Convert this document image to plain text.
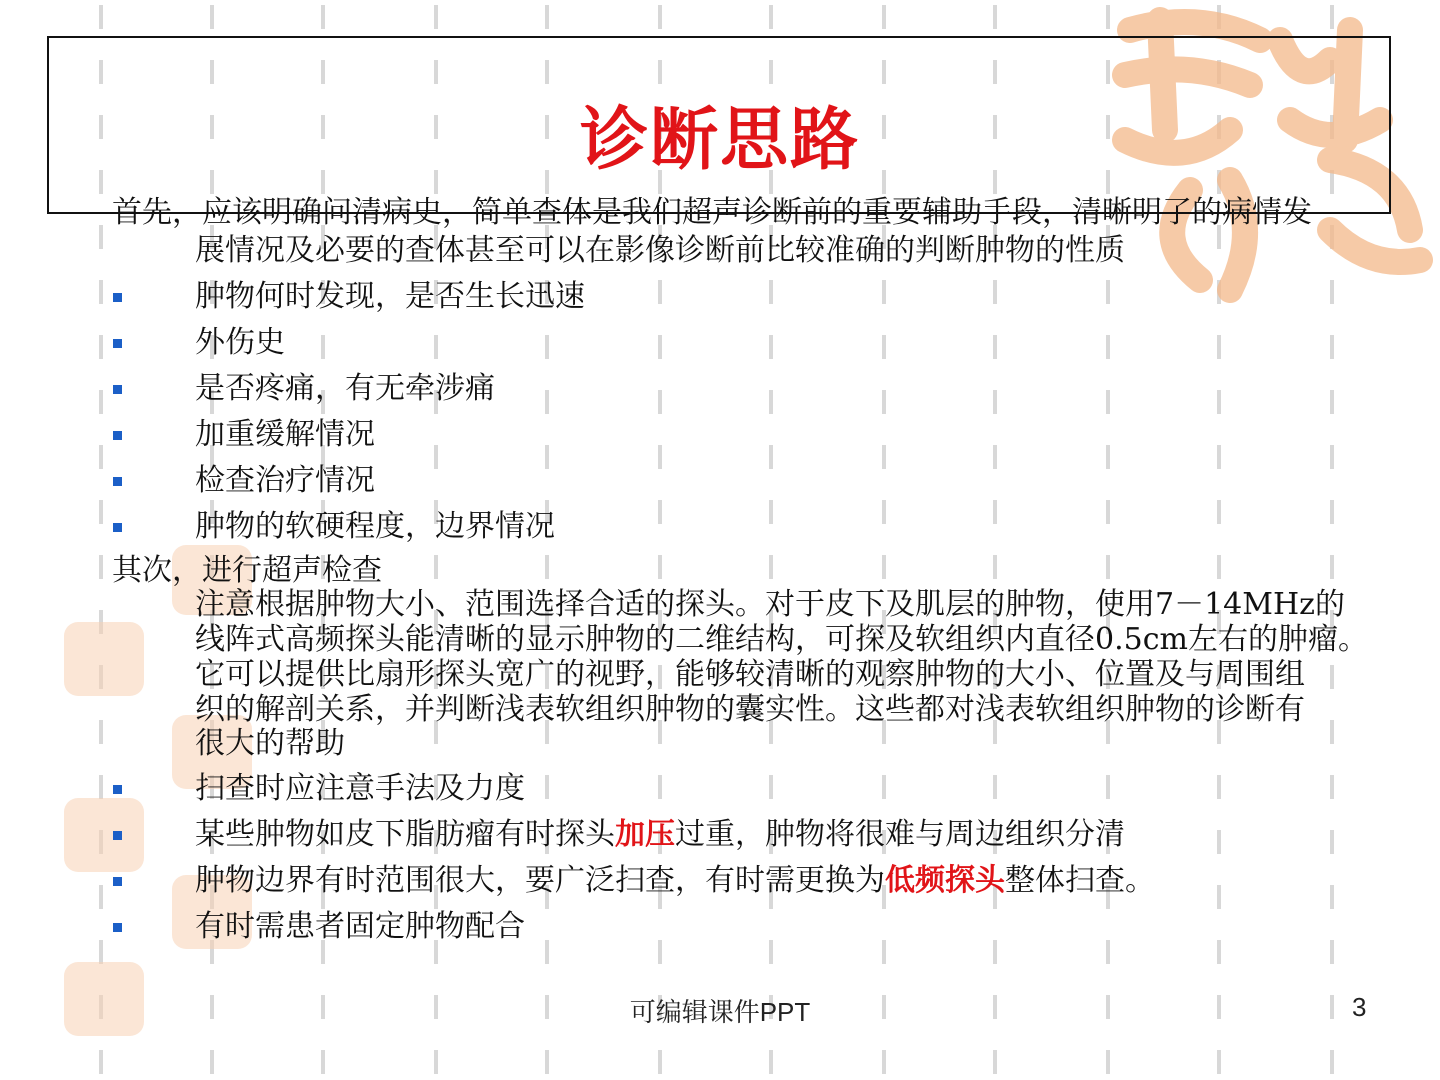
诊断思路
首先，应该明确问清病史，简单查体是我们超声诊断前的重要辅助手段，清晰明了的病情发
展情况及必要的查体甚至可以在影像诊断前比较准确的判断肿物的性质
肿物何时发现，是否生长迅速
外伤史
是否疼痛，有无牵涉痛
加重缓解情况
检查治疗情况
肿物的软硬程度，边界情况
其次，进行超声检查
注意根据肿物大小、范围选择合适的探头。对于皮下及肌层的肿物，使用7－14MHz的
线阵式高频探头能清晰的显示肿物的二维结构，可探及软组织内直径0.5cm左右的肿瘤。
它可以提供比扇形探头宽广的视野，能够较清晰的观察肿物的大小、位置及与周围组
织的解剖关系，并判断浅表软组织肿物的囊实性。这些都对浅表软组织肿物的诊断有
很大的帮助
扫查时应注意手法及力度
某些肿物如皮下脂肪瘤有时探头加压过重，肿物将很难与周边组织分清
肿物边界有时范围很大，要广泛扫查，有时需更换为低频探头整体扫查。
有时需患者固定肿物配合
可编辑课件PPT	3
